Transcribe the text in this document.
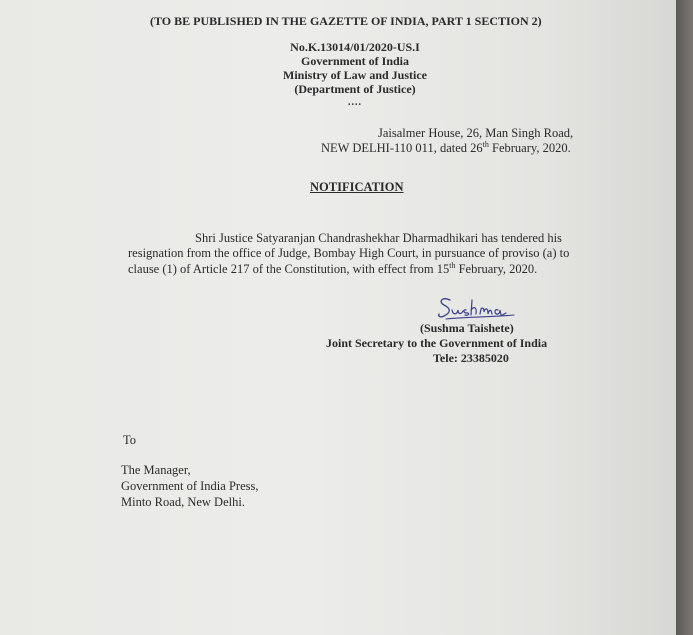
(TO BE PUBLISHED IN THE GAZETTE OF INDIA, PART 1 SECTION 2)
No.K.13014/01/2020-US.I
Government of India
Ministry of Law and Justice
(Department of Justice)
....
Jaisalmer House, 26, Man Singh Road,
NEW DELHI-110 011, dated 26th February, 2020.
NOTIFICATION
Shri Justice Satyaranjan Chandrashekhar Dharmadhikari has tendered his
resignation from the office of Judge, Bombay High Court, in pursuance of proviso (a) to
clause (1) of Article 217 of the Constitution, with effect from 15th February, 2020.
(Sushma Taishete)
Joint Secretary to the Government of India
Tele: 23385020
To
The Manager,
Government of India Press,
Minto Road, New Delhi.
